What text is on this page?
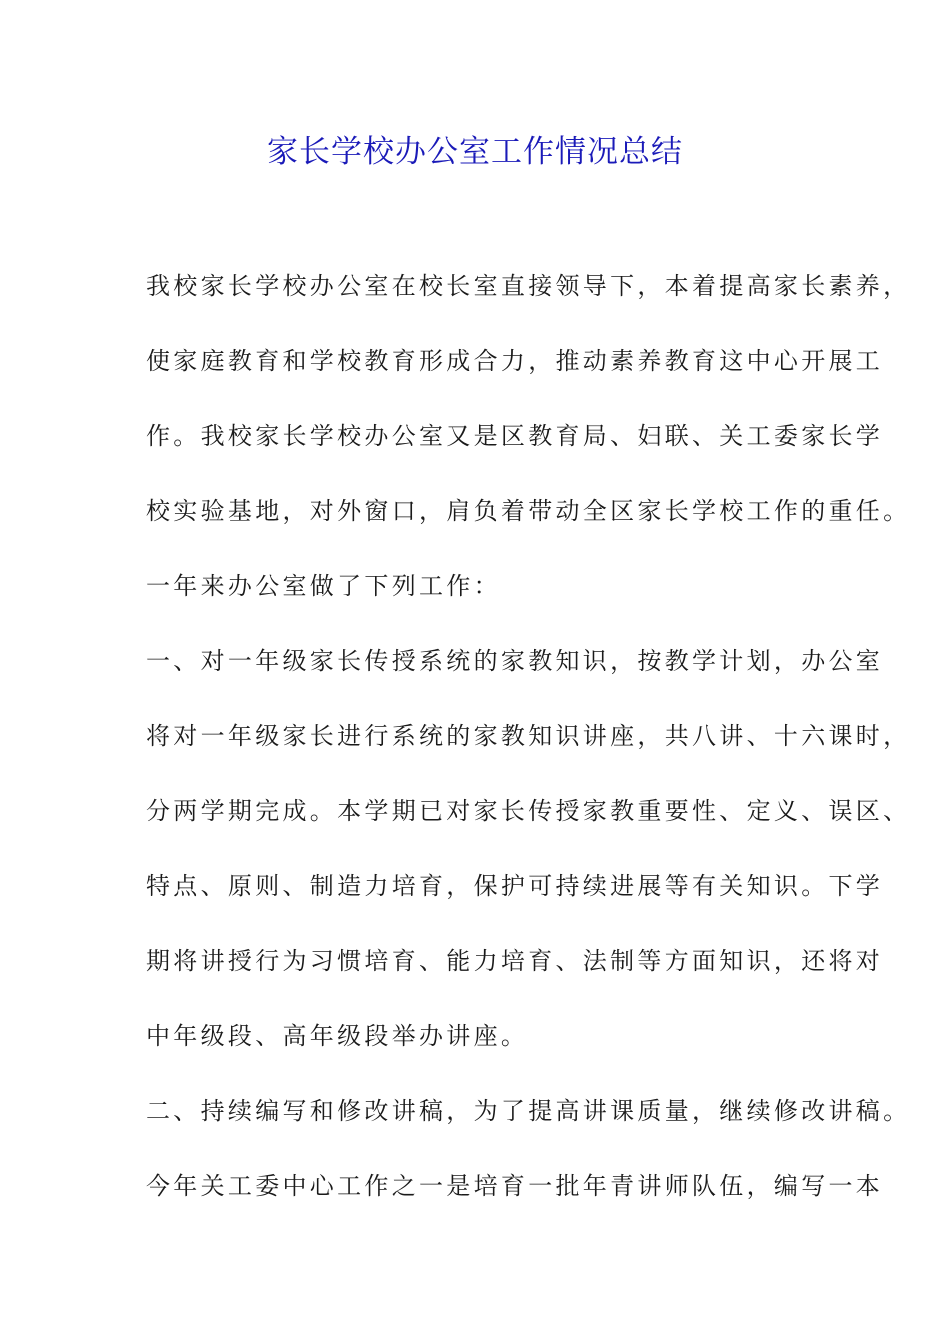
家长学校办公室工作情况总结
我校家长学校办公室在校长室直接领导下，本着提高家长素养，
使家庭教育和学校教育形成合力，推动素养教育这中心开展工
作。我校家长学校办公室又是区教育局、妇联、关工委家长学
校实验基地，对外窗口，肩负着带动全区家长学校工作的重任。
一年来办公室做了下列工作：
一、对一年级家长传授系统的家教知识，按教学计划，办公室
将对一年级家长进行系统的家教知识讲座，共八讲、十六课时，
分两学期完成。本学期已对家长传授家教重要性、定义、误区、
特点、原则、制造力培育，保护可持续进展等有关知识。下学
期将讲授行为习惯培育、能力培育、法制等方面知识，还将对
中年级段、高年级段举办讲座。
二、持续编写和修改讲稿，为了提高讲课质量，继续修改讲稿。
今年关工委中心工作之一是培育一批年青讲师队伍，编写一本
